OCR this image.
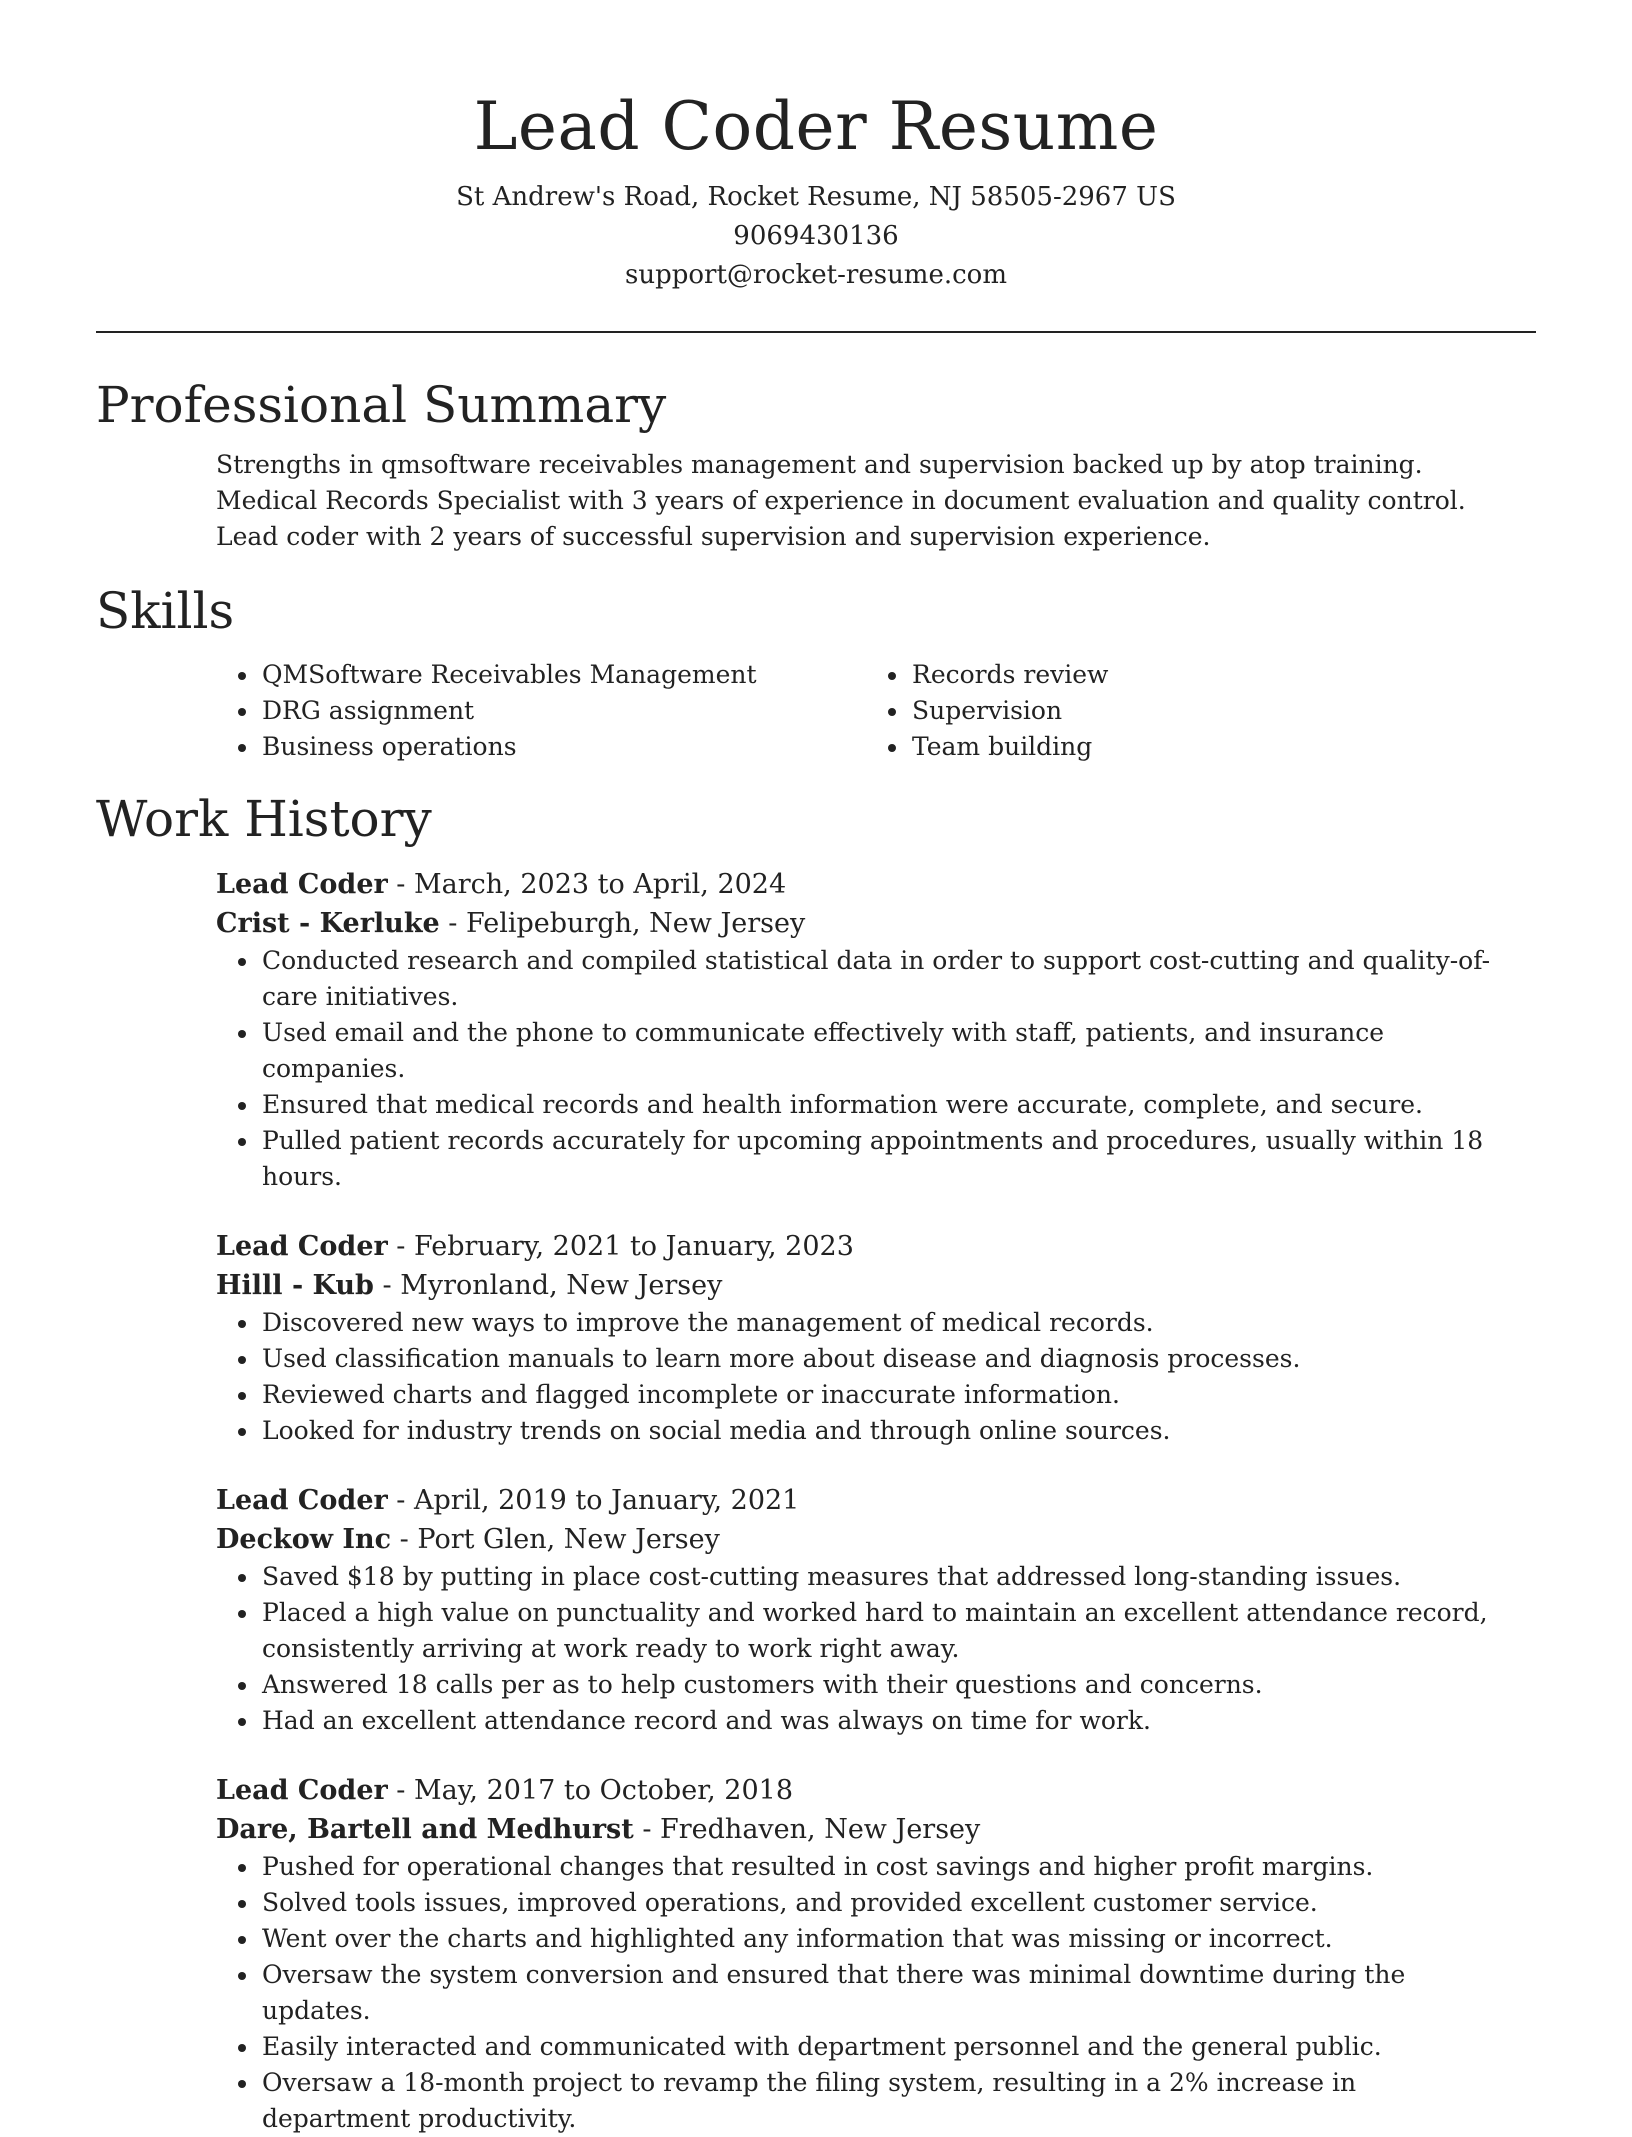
Lead Coder Resume
St Andrew's Road, Rocket Resume, NJ 58505-2967 US
9069430136
support@rocket-resume.com
Professional Summary
Strengths in qmsoftware receivables management and supervision backed up by atop training. Medical Records Specialist with 3 years of experience in document evaluation and quality control. Lead coder with 2 years of successful supervision and supervision experience.
Skills
• QMSoftware Receivables Management
• DRG assignment
• Business operations
• Records review
• Supervision
• Team building
Work History
Lead Coder - March, 2023 to April, 2024
Crist - Kerluke - Felipeburgh, New Jersey
• Conducted research and compiled statistical data in order to support cost-cutting and quality-of-care initiatives.
• Used email and the phone to communicate effectively with staff, patients, and insurance companies.
• Ensured that medical records and health information were accurate, complete, and secure.
• Pulled patient records accurately for upcoming appointments and procedures, usually within 18 hours.
Lead Coder - February, 2021 to January, 2023
Hilll - Kub - Myronland, New Jersey
• Discovered new ways to improve the management of medical records.
• Used classification manuals to learn more about disease and diagnosis processes.
• Reviewed charts and flagged incomplete or inaccurate information.
• Looked for industry trends on social media and through online sources.
Lead Coder - April, 2019 to January, 2021
Deckow Inc - Port Glen, New Jersey
• Saved $18 by putting in place cost-cutting measures that addressed long-standing issues.
• Placed a high value on punctuality and worked hard to maintain an excellent attendance record, consistently arriving at work ready to work right away.
• Answered 18 calls per as to help customers with their questions and concerns.
• Had an excellent attendance record and was always on time for work.
Lead Coder - May, 2017 to October, 2018
Dare, Bartell and Medhurst - Fredhaven, New Jersey
• Pushed for operational changes that resulted in cost savings and higher profit margins.
• Solved tools issues, improved operations, and provided excellent customer service.
• Went over the charts and highlighted any information that was missing or incorrect.
• Oversaw the system conversion and ensured that there was minimal downtime during the updates.
• Easily interacted and communicated with department personnel and the general public.
• Oversaw a 18-month project to revamp the filing system, resulting in a 2% increase in department productivity.
